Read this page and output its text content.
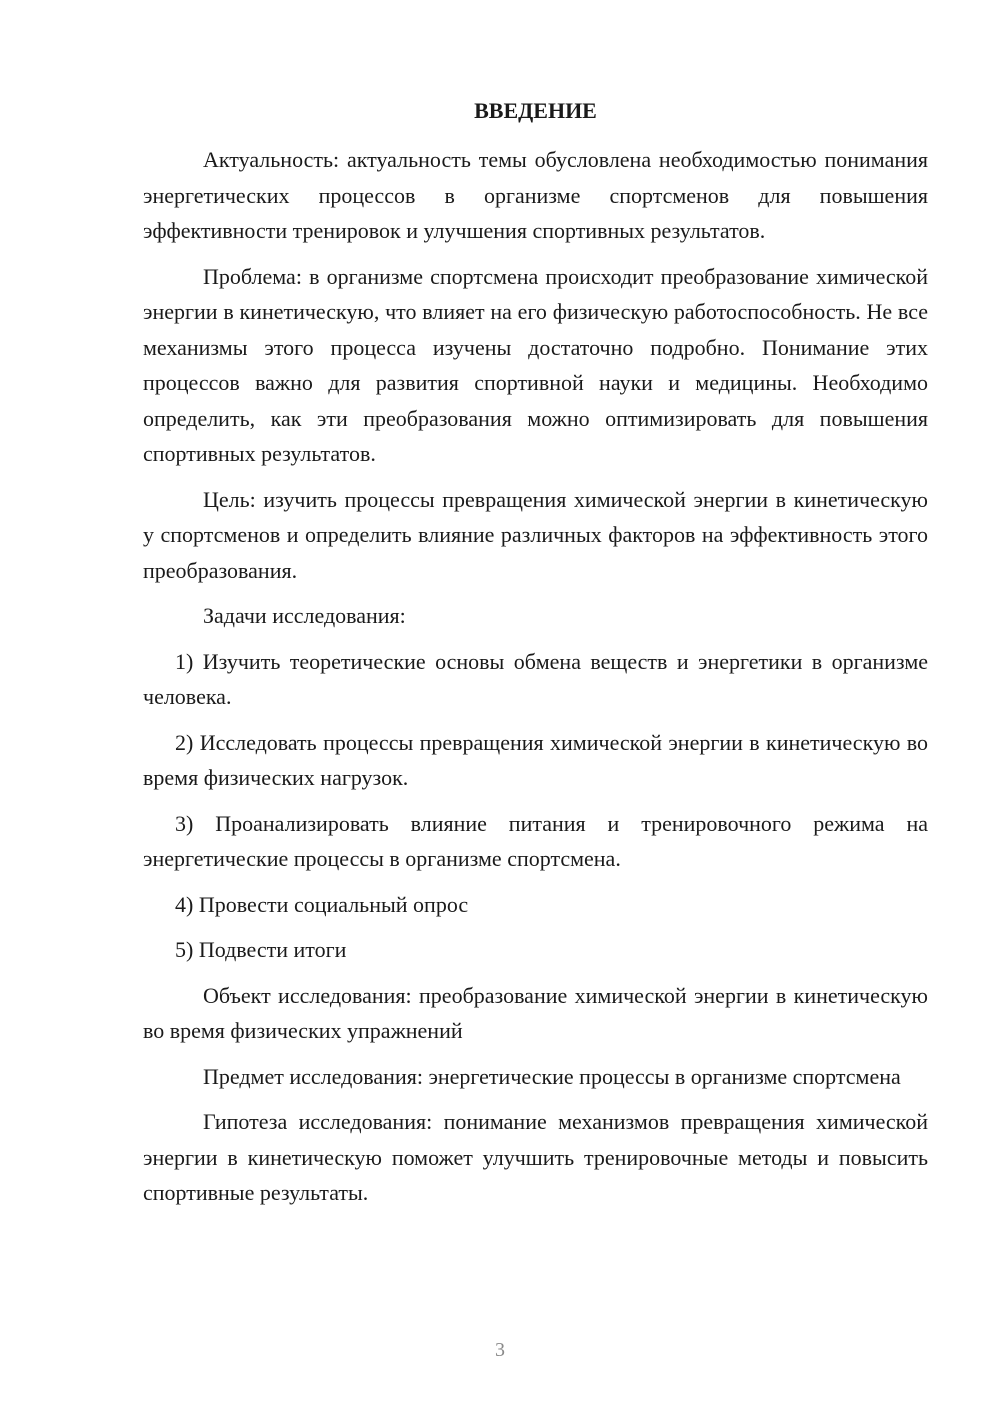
ВВЕДЕНИЕ

Актуальность: актуальность темы обусловлена необходимостью понимания энергетических процессов в организме спортсменов для повышения эффективности тренировок и улучшения спортивных результатов.

Проблема: в организме спортсмена происходит преобразование химической энергии в кинетическую, что влияет на его физическую работоспособность. Не все механизмы этого процесса изучены достаточно подробно. Понимание этих процессов важно для развития спортивной науки и медицины. Необходимо определить, как эти преобразования можно оптимизировать для повышения спортивных результатов.

Цель: изучить процессы превращения химической энергии в кинетическую у спортсменов и определить влияние различных факторов на эффективность этого преобразования.

Задачи исследования:

1) Изучить теоретические основы обмена веществ и энергетики в организме человека.

2) Исследовать процессы превращения химической энергии в кинетическую во время физических нагрузок.

3) Проанализировать влияние питания и тренировочного режима на энергетические процессы в организме спортсмена.

4) Провести социальный опрос

5) Подвести итоги

Объект исследования: преобразование химической энергии в кинетическую во время физических упражнений

Предмет исследования: энергетические процессы в организме спортсмена

Гипотеза исследования: понимание механизмов превращения химической энергии в кинетическую поможет улучшить тренировочные методы и повысить спортивные результаты.

3
